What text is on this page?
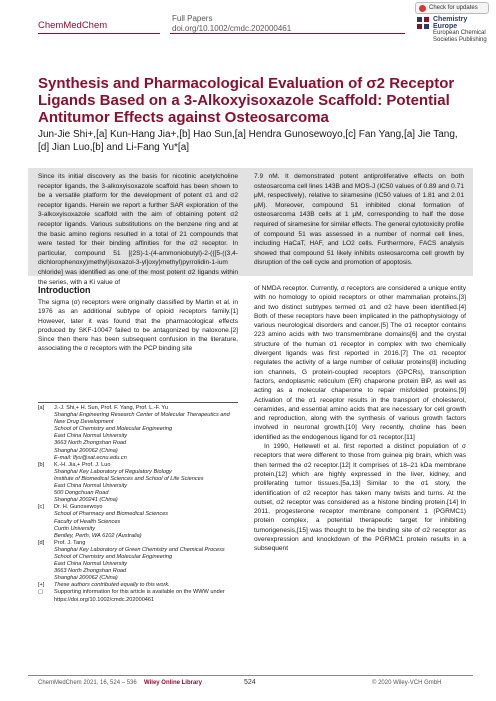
ChemMedChem
Full Papers
doi.org/10.1002/cmdc.202000461
Check for updates
Chemistry Europe
European Chemical Societies Publishing
Synthesis and Pharmacological Evaluation of σ2 Receptor Ligands Based on a 3-Alkoxyisoxazole Scaffold: Potential Antitumor Effects against Osteosarcoma
Jun-Jie Shi+,[a] Kun-Hang Jia+,[b] Hao Sun,[a] Hendra Gunosewoyo,[c] Fan Yang,[a] Jie Tang,[d] Jian Luo,[b] and Li-Fang Yu*[a]
Since its initial discovery as the basis for nicotinic acetylcholine receptor ligands, the 3-alkoxyisoxazole scaffold has been shown to be a versatile platform for the development of potent σ1 and σ2 receptor ligands. Herein we report a further SAR exploration of the 3-alkoxyisoxazole scaffold with the aim of obtaining potent σ2 receptor ligands. Various substitutions on the benzene ring and at the basic amino regions resulted in a total of 21 compounds that were tested for their binding affinities for the σ2 receptor. In particular, compound 51 [(2S)-1-(4-ammoniobutyl)-2-({[5-((3,4-dichlorophenoxy)methyl)isoxazol-3-yl]oxy}methyl)pyrrolidin-1-ium chloride] was identified as one of the most potent σ2 ligands within the series, with a Ki value of
7.9 nM. It demonstrated potent antiproliferative effects on both osteosarcoma cell lines 143B and MOS-J (IC50 values of 0.89 and 0.71 μM, respectively), relative to siramesine (IC50 values of 1.81 and 2.01 μM). Moreover, compound 51 inhibited clonal formation of osteosarcoma 143B cells at 1 μM, corresponding to half the dose required of siramesine for similar effects. The general cytotoxicity profile of compound 51 was assessed in a number of normal cell lines, including HaCaT, HAF, and LO2 cells. Furthermore, FACS analysis showed that compound 51 likely inhibits osteosarcoma cell growth by disruption of the cell cycle and promotion of apoptosis.
Introduction
The sigma (σ) receptors were originally classified by Martin et al. in 1976 as an additional subtype of opioid receptors family.[1] However, later it was found that the pharmacological effects produced by SKF-10047 failed to be antagonized by naloxone.[2] Since then there has been subsequent confusion in the literature, associating the σ receptors with the PCP binding site
of NMDA receptor. Currently, σ receptors are considered a unique entity with no homology to opioid receptors or other mammalian proteins,[3] and two distinct subtypes termed σ1 and σ2 have been identified.[4] Both of these receptors have been implicated in the pathophysiology of various neurological disorders and cancer.[5] The σ1 receptor contains 223 amino acids with two transmembrane domains[6] and the crystal structure of the human σ1 receptor in complex with two chemically divergent ligands was first reported in 2016.[7] The σ1 receptor regulates the activity of a large number of cellular proteins[8] including ion channels, G protein-coupled receptors (GPCRs), transcription factors, endoplasmic reticulum (ER) chaperone protein BiP, as well as acting as a molecular chaperone to repair misfolded proteins.[9] Activation of the σ1 receptor results in the transport of cholesterol, ceramides, and essential amino acids that are necessary for cell growth and reproduction, along with the synthesis of various growth factors involved in neuronal growth.[10] Very recently, choline has been identified as the endogenous ligand for σ1 receptor.[11]
In 1990, Hellewell et al. first reported a distinct population of σ receptors that were different to those from guinea pig brain, which was then termed the σ2 receptor.[12] It comprises of 18–21 kDa membrane protein,[12] which are highly expressed in the liver, kidney, and proliferating tumor tissues.[5a,13] Similar to the σ1 story, the identification of σ2 receptor has taken many twists and turns. At the outset, σ2 receptor was considered as a histone binding protein.[14] In 2011, progesterone receptor membrane component 1 (PGRMC1) protein complex, a potential therapeutic target for inhibiting tumorigenesis,[15] was thought to be the binding site of σ2 receptor as overexpression and knockdown of the PGRMC1 protein results in a subsequent
[a]	J.-J. Shi,+ H. Sun, Prof. F. Yang, Prof. L.-F. Yu
Shanghai Engineering Research Center of Molecular Therapeutics and New Drug Development
School of Chemistry and Molecular Engineering
East China Normal University
3663 North Zhongshan Road
Shanghai 200062 (China)
E-mail: lfyu@sat.ecnu.edu.cn
[b]	K.-H. Jia,+ Prof. J. Luo
Shanghai Key Laboratory of Regulatory Biology
Institute of Biomedical Sciences and School of Life Sciences
East China Normal University
500 Dongchuan Road
Shanghai 200241 (China)
[c]	Dr. H. Gunosewoyo
School of Pharmacy and Biomedical Sciences
Faculty of Health Sciences
Curtin University
Bentley, Perth, WA 6102 (Australia)
[d]	Prof. J. Tang
Shanghai Key Laboratory of Green Chemistry and Chemical Process
School of Chemistry and Molecular Engineering
East China Normal University
3663 North Zhongshan Road
Shanghai 200062 (China)
[+]	These authors contributed equally to this work.
▢	Supporting information for this article is available on the WWW under https://doi.org/10.1002/cmdc.202000461
ChemMedChem 2021, 16, 524 – 536 Wiley Online Library	524	© 2020 Wiley-VCH GmbH
